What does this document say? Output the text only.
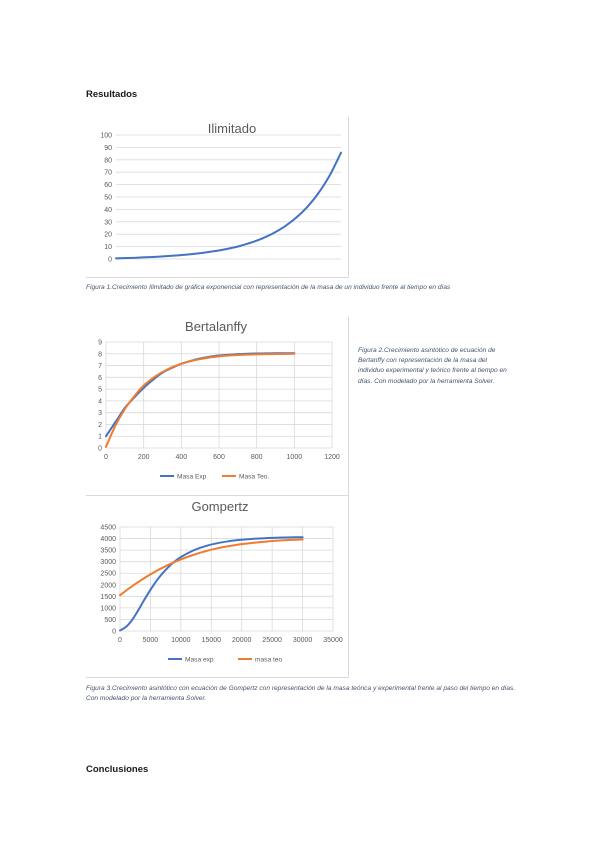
Resultados
Ilimitado
0
10
20
30
40
50
60
70
80
90
100
Figura 1.Crecimiento Ilimitado de gráfica exponencial con representación de la masa de un individuo frente al tiempo en días
Bertalanffy
0
1
2
3
4
5
6
7
8
9
0	200	400	600	800	1000	1200
Masa Exp	Masa Teo.
Figura 2.Crecimiento asintótico de ecuación de Bertanffy con representación de la masa del individuo experimental y teórico frente al tiempo en días. Con modelado por la herramienta Solver.
Gompertz
0
500
1000
1500
2000
2500
3000
3500
4000
4500
0	5000 10000 15000 20000 25000 30000 35000
Masa exp	masa teo
Figura 3.Crecimiento asintótico con ecuación de Gompertz con representación de la masa teórica y experimental frente al paso del tiempo en días. Con modelado por la herramienta Solver.
Conclusiones
